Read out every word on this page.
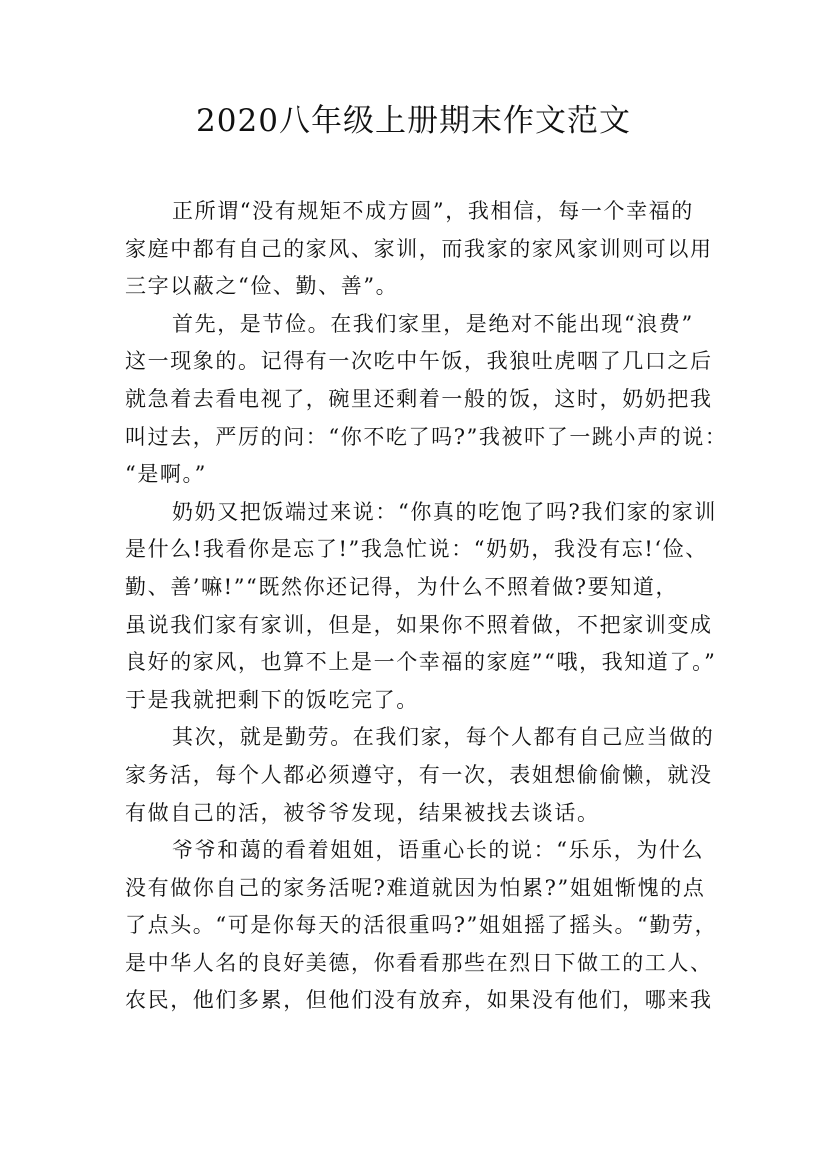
2020八年级上册期末作文范文
正所谓“没有规矩不成方圆”，我相信，每一个幸福的
家庭中都有自己的家风、家训，而我家的家风家训则可以用
三字以蔽之“俭、勤、善”。
首先，是节俭。在我们家里，是绝对不能出现“浪费”
这一现象的。记得有一次吃中午饭，我狼吐虎咽了几口之后
就急着去看电视了，碗里还剩着一般的饭，这时，奶奶把我
叫过去，严厉的问：“你不吃了吗?”我被吓了一跳小声的说：
“是啊。”
奶奶又把饭端过来说：“你真的吃饱了吗?我们家的家训
是什么!我看你是忘了!”我急忙说：“奶奶，我没有忘!‘俭、
勤、善’嘛!”“既然你还记得，为什么不照着做?要知道，
虽说我们家有家训，但是，如果你不照着做，不把家训变成
良好的家风，也算不上是一个幸福的家庭”“哦，我知道了。”
于是我就把剩下的饭吃完了。
其次，就是勤劳。在我们家，每个人都有自己应当做的
家务活，每个人都必须遵守，有一次，表姐想偷偷懒，就没
有做自己的活，被爷爷发现，结果被找去谈话。
爷爷和蔼的看着姐姐，语重心长的说：“乐乐，为什么
没有做你自己的家务活呢?难道就因为怕累?”姐姐惭愧的点
了点头。“可是你每天的活很重吗?”姐姐摇了摇头。“勤劳，
是中华人名的良好美德，你看看那些在烈日下做工的工人、
农民，他们多累，但他们没有放弃，如果没有他们，哪来我
